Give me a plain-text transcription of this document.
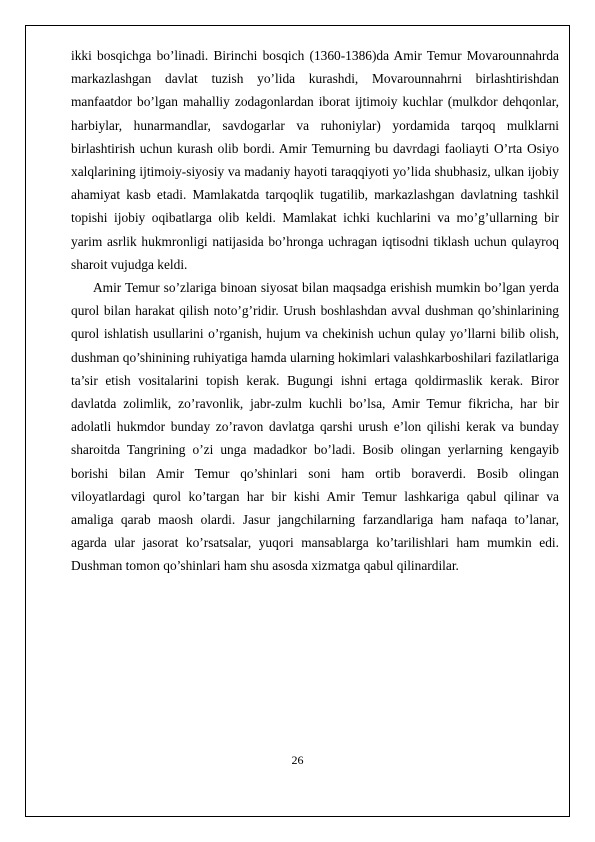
ikki bosqichga bo’linadi. Birinchi bosqich (1360-1386)da Amir Temur Movarounnahrda markazlashgan davlat tuzish yo’lida kurashdi, Movarounnahrni birlashtirishdan manfaatdor bo’lgan mahalliy zodagonlardan iborat ijtimoiy kuchlar (mulkdor dehqonlar, harbiylar, hunarmandlar, savdogarlar va ruhoniylar) yordamida tarqoq mulklarni birlashtirish uchun kurash olib bordi. Amir Temurning bu davrdagi faoliayti O’rta Osiyo xalqlarining ijtimoiy-siyosiy va madaniy hayoti taraqqiyoti yo’lida shubhasiz, ulkan ijobiy ahamiyat kasb etadi. Mamlakatda tarqoqlik tugatilib, markazlashgan davlatning tashkil topishi ijobiy oqibatlarga olib keldi. Mamlakat ichki kuchlarini va mo’g’ullarning bir yarim asrlik hukmronligi natijasida bo’hronga uchragan iqtisodni tiklash uchun qulayroq sharoit vujudga keldi.

Amir Temur so’zlariga binoan siyosat bilan maqsadga erishish mumkin bo’lgan yerda qurol bilan harakat qilish noto’g’ridir. Urush boshlashdan avval dushman qo’shinlarining qurol ishlatish usullarini o’rganish, hujum va chekinish uchun qulay yo’llarni bilib olish, dushman qo’shinining ruhiyatiga hamda ularning hokimlari valashkarboshilari fazilatlariga ta’sir etish vositalarini topish kerak. Bugungi ishni ertaga qoldirmaslik kerak. Biror davlatda zolimlik, zo’ravonlik, jabr-zulm kuchli bo’lsa, Amir Temur fikricha, har bir adolatli hukmdor bunday zo’ravon davlatga qarshi urush e’lon qilishi kerak va bunday sharoitda Tangrining o’zi unga madadkor bo’ladi. Bosib olingan yerlarning kengayib borishi bilan Amir Temur qo’shinlari soni ham ortib boraverdi. Bosib olingan viloyatlardagi qurol ko’targan har bir kishi Amir Temur lashkariga qabul qilinar va amaliga qarab maosh olardi. Jasur jangchilarning farzandlariga ham nafaqa to’lanar, agarda ular jasorat ko’rsatsalar, yuqori mansablarga ko’tarilishlari ham mumkin edi. Dushman tomon qo’shinlari ham shu asosda xizmatga qabul qilinardilar.

26
